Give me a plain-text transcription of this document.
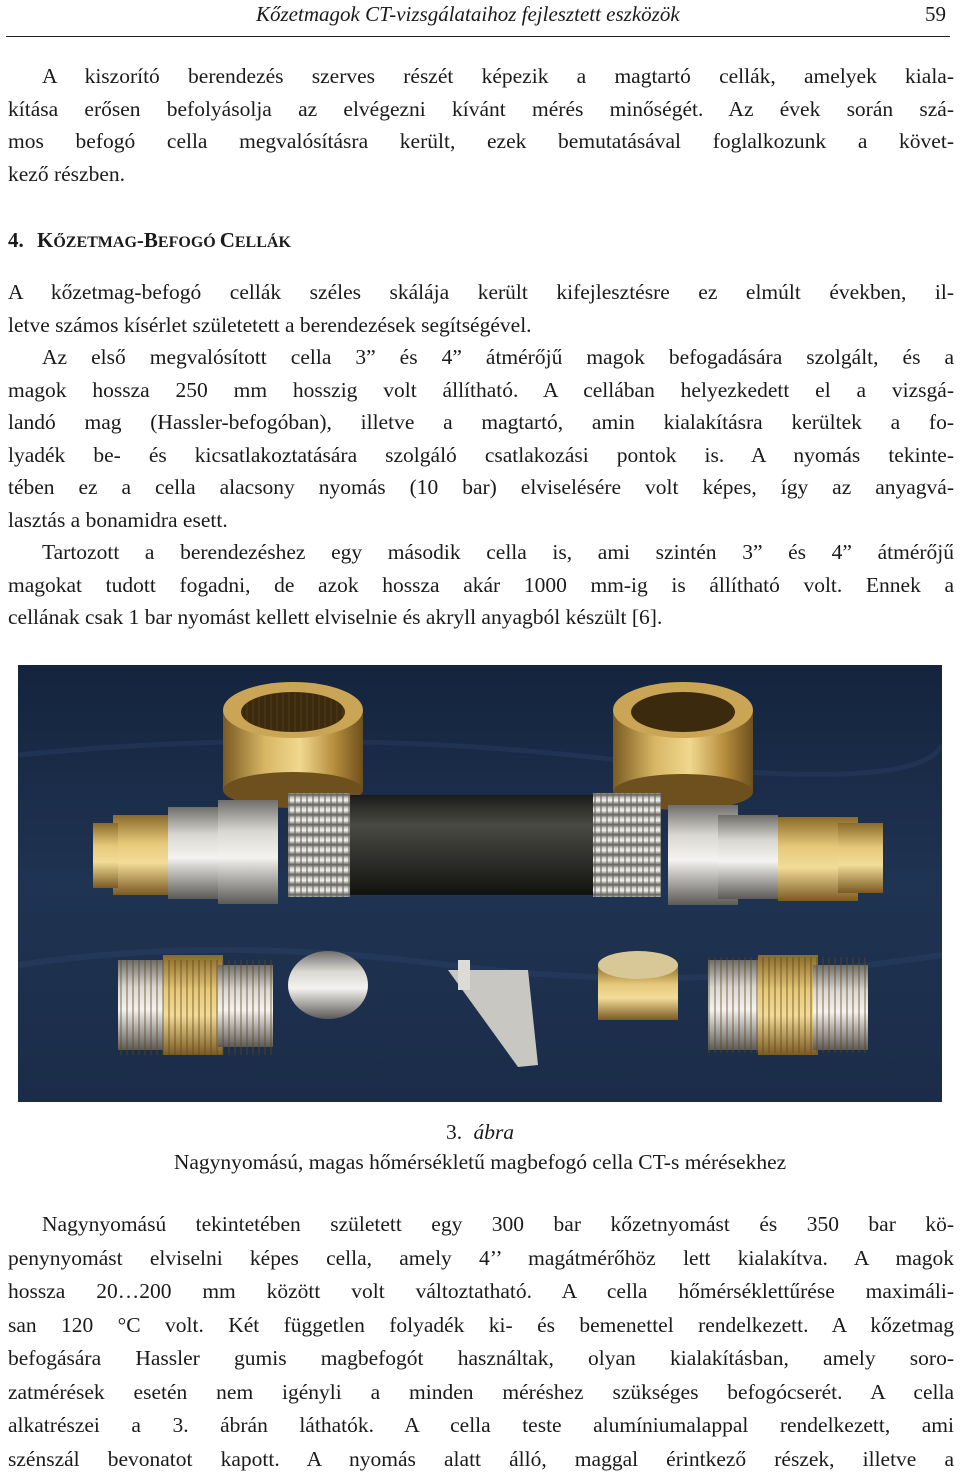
Kőzetmagok CT-vizsgálataihoz fejlesztett eszközök	59
A kiszorító berendezés szerves részét képezik a magtartó cellák, amelyek kiala-
kítása erősen befolyásolja az elvégezni kívánt mérés minőségét. Az évek során szá-
mos befogó cella megvalósításra került, ezek bemutatásával foglalkozunk a követ-
kező részben.
4. KŐZETMAG-BEFOGÓ CELLÁK
A kőzetmag-befogó cellák széles skálája került kifejlesztésre ez elmúlt években, il-
letve számos kísérlet születetett a berendezések segítségével.
Az első megvalósított cella 3” és 4” átmérőjű magok befogadására szolgált, és a
magok hossza 250 mm hosszig volt állítható. A cellában helyezkedett el a vizsgá-
landó mag (Hassler-befogóban), illetve a magtartó, amin kialakításra kerültek a fo-
lyadék be- és kicsatlakoztatására szolgáló csatlakozási pontok is. A nyomás tekinte-
tében ez a cella alacsony nyomás (10 bar) elviselésére volt képes, így az anyagvá-
lasztás a bonamidra esett.
Tartozott a berendezéshez egy második cella is, ami szintén 3” és 4” átmérőjű
magokat tudott fogadni, de azok hossza akár 1000 mm-ig is állítható volt. Ennek a
cellának csak 1 bar nyomást kellett elviselnie és akryll anyagból készült [6].
3. ábra
Nagynyomású, magas hőmérsékletű magbefogó cella CT-s mérésekhez
Nagynyomású tekintetében született egy 300 bar kőzetnyomást és 350 bar kö-
penynyomást elviselni képes cella, amely 4’’ magátmérőhöz lett kialakítva. A magok
hossza 20…200 mm között volt változtatható. A cella hőmérséklettűrése maximáli-
san 120 °C volt. Két független folyadék ki- és bemenettel rendelkezett. A kőzetmag
befogására Hassler gumis magbefogót használtak, olyan kialakításban, amely soro-
zatmérések esetén nem igényli a minden méréshez szükséges befogócserét. A cella
alkatrészei a 3. ábrán láthatók. A cella teste alumíniumalappal rendelkezett, ami
szénszál bevonatot kapott. A nyomás alatt álló, maggal érintkező részek, illetve a
